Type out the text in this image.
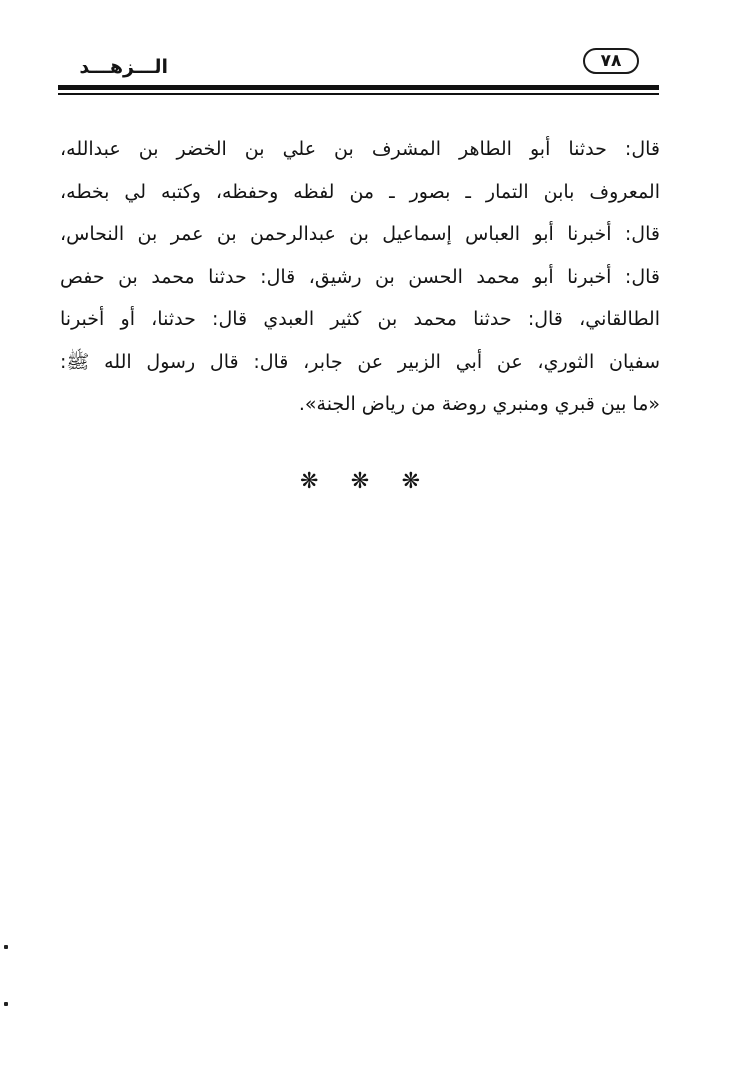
٧٨
الـــزهـــد
قال: حدثنا أبو الطاهر المشرف بن علي بن الخضر بن عبدالله،
المعروف بابن التمار ـ بصور ـ من لفظه وحفظه، وكتبه لي بخطه،
قال: أخبرنا أبو العباس إسماعيل بن عبدالرحمن بن عمر بن النحاس،
قال: أخبرنا أبو محمد الحسن بن رشيق، قال: حدثنا محمد بن حفص
الطالقاني، قال: حدثنا محمد بن كثير العبدي قال: حدثنا، أو أخبرنا
سفيان الثوري، عن أبي الزبير عن جابر، قال: قال رسول الله ﷺ:
«ما بين قبري ومنبري روضة من رياض الجنة».
❋ ❋ ❋
